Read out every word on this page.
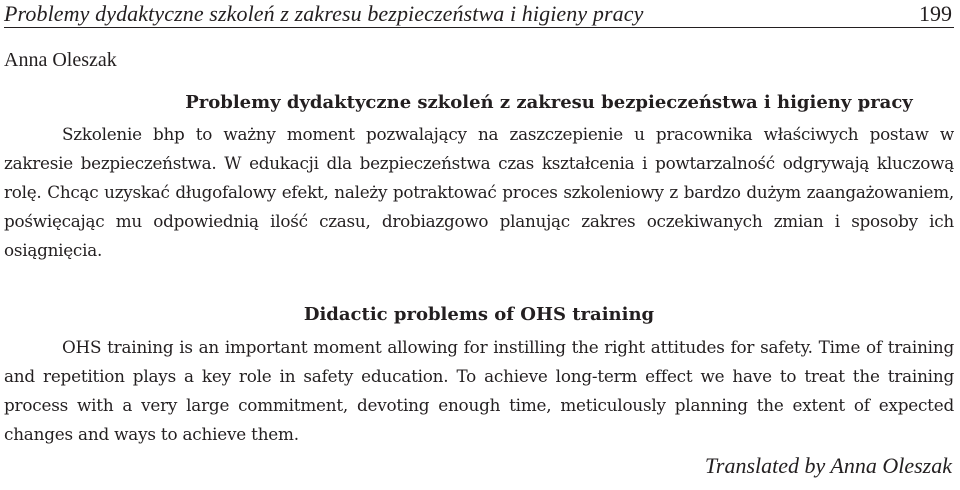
Problemy dydaktyczne szkoleń z zakresu bezpieczeństwa i higieny pracy	199
Anna Oleszak
Problemy dydaktyczne szkoleń z zakresu bezpieczeństwa i higieny pracy

Szkolenie bhp to ważny moment pozwalający na zaszczepienie u pracownika właściwych postaw w zakresie bezpieczeństwa. W edukacji dla bezpieczeństwa czas kształcenia i powtarzalność odgrywają kluczową rolę. Chcąc uzyskać długofalowy efekt, należy potraktować proces szkoleniowy z bardzo dużym zaangażowaniem, poświęcając mu odpowiednią ilość czasu, drobiazgowo planując zakres oczekiwanych zmian i sposoby ich osiągnięcia.

Didactic problems of OHS training

OHS training is an important moment allowing for instilling the right attitudes for safety. Time of training and repetition plays a key role in safety education. To achieve long-term effect we have to treat the training process with a very large commitment, devoting enough time, meticulously planning the extent of expected changes and ways to achieve them.

Translated by Anna Oleszak
